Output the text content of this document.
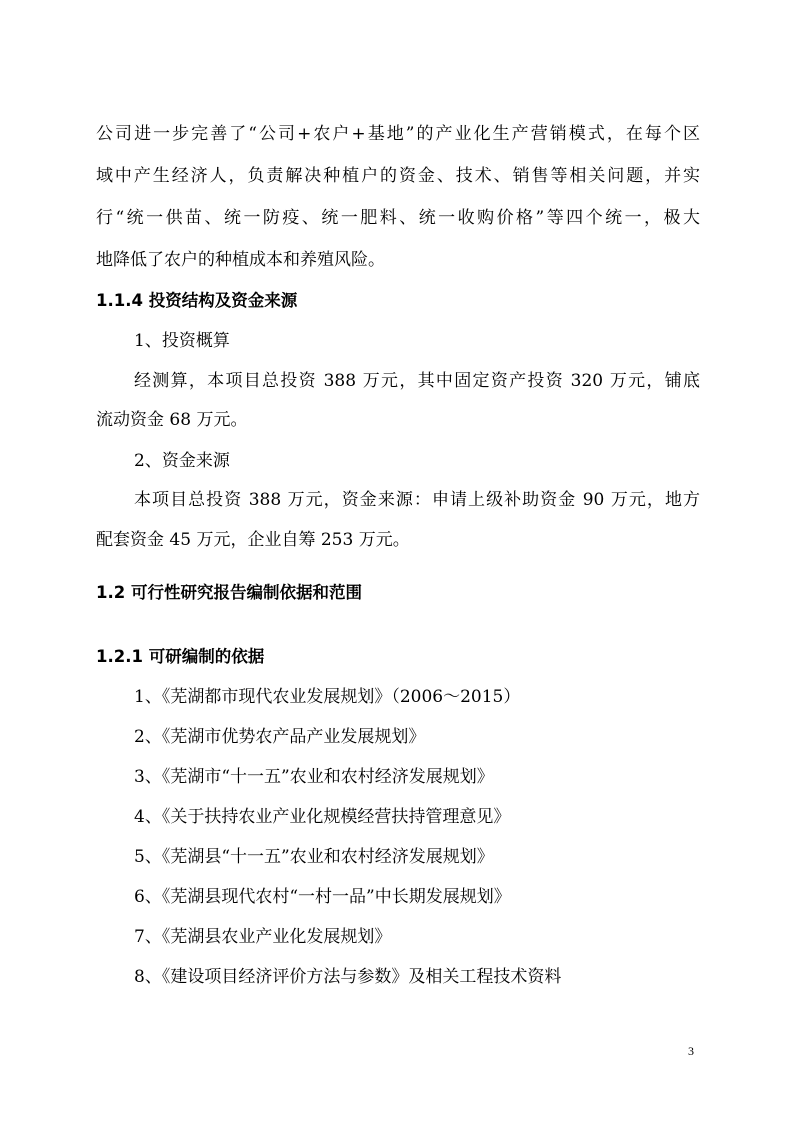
公司进一步完善了“公司+农户+基地”的产业化生产营销模式，在每个区
域中产生经济人，负责解决种植户的资金、技术、销售等相关问题，并实
行“统一供苗、统一防疫、统一肥料、统一收购价格”等四个统一，极大
地降低了农户的种植成本和养殖风险。
1.1.4 投资结构及资金来源
1、投资概算
经测算，本项目总投资 388 万元，其中固定资产投资 320 万元，铺底
流动资金 68 万元。
2、资金来源
本项目总投资 388 万元，资金来源：申请上级补助资金 90 万元，地方
配套资金 45 万元，企业自筹 253 万元。
1.2 可行性研究报告编制依据和范围
1.2.1 可研编制的依据
1、《芜湖都市现代农业发展规划》（2006～2015）
2、《芜湖市优势农产品产业发展规划》
3、《芜湖市“十一五”农业和农村经济发展规划》
4、《关于扶持农业产业化规模经营扶持管理意见》
5、《芜湖县“十一五”农业和农村经济发展规划》
6、《芜湖县现代农村“一村一品”中长期发展规划》
7、《芜湖县农业产业化发展规划》
8、《建设项目经济评价方法与参数》及相关工程技术资料
3
